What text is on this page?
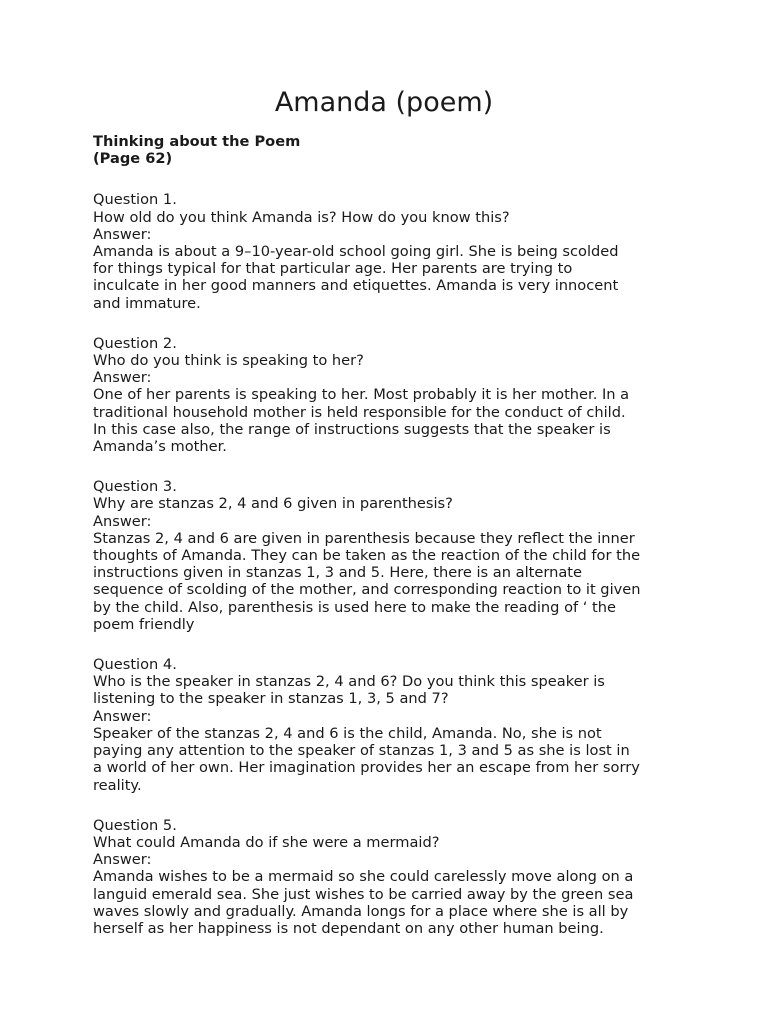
Amanda (poem)
Thinking about the Poem
(Page 62)
Question 1.
How old do you think Amanda is? How do you know this?
Answer:
Amanda is about a 9–10-year-old school going girl. She is being scolded
for things typical for that particular age. Her parents are trying to
inculcate in her good manners and etiquettes. Amanda is very innocent
and immature.
Question 2.
Who do you think is speaking to her?
Answer:
One of her parents is speaking to her. Most probably it is her mother. In a
traditional household mother is held responsible for the conduct of child.
In this case also, the range of instructions suggests that the speaker is
Amanda’s mother.
Question 3.
Why are stanzas 2, 4 and 6 given in parenthesis?
Answer:
Stanzas 2, 4 and 6 are given in parenthesis because they reflect the inner
thoughts of Amanda. They can be taken as the reaction of the child for the
instructions given in stanzas 1, 3 and 5. Here, there is an alternate
sequence of scolding of the mother, and corresponding reaction to it given
by the child. Also, parenthesis is used here to make the reading of ‘ the
poem friendly
Question 4.
Who is the speaker in stanzas 2, 4 and 6? Do you think this speaker is
listening to the speaker in stanzas 1, 3, 5 and 7?
Answer:
Speaker of the stanzas 2, 4 and 6 is the child, Amanda. No, she is not
paying any attention to the speaker of stanzas 1, 3 and 5 as she is lost in
a world of her own. Her imagination provides her an escape from her sorry
reality.
Question 5.
What could Amanda do if she were a mermaid?
Answer:
Amanda wishes to be a mermaid so she could carelessly move along on a
languid emerald sea. She just wishes to be carried away by the green sea
waves slowly and gradually. Amanda longs for a place where she is all by
herself as her happiness is not dependant on any other human being.
